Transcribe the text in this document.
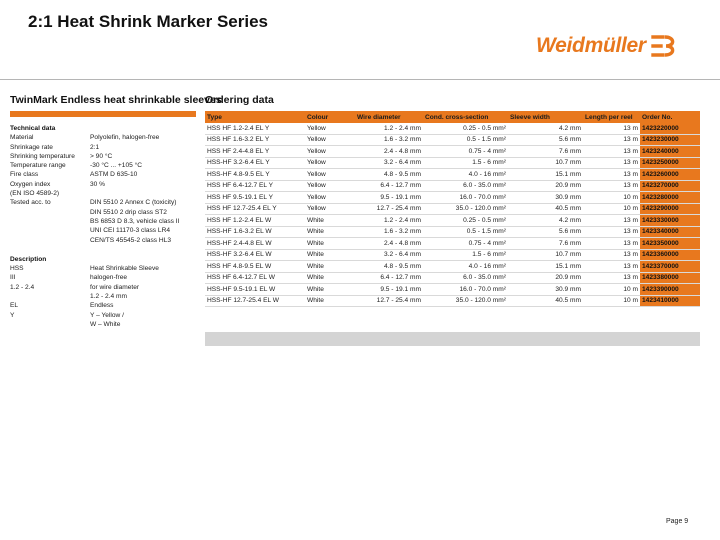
2:1 Heat Shrink Marker Series
Weidmüller
TwinMark Endless heat shrinkable sleeves
Technical data
Material	Polyolefin, halogen-free
Shrinkage rate	2:1
Shrinking temperature	> 90 °C
Temperature range	-30 °C ... +105 °C
Fire class	ASTM D 635-10
Oxygen index	30 %
(EN ISO 4589-2)
Tested acc. to	DIN 5510 2 Annex C (toxicity)
DIN 5510 2 drip class ST2
BS 6853 D 8.3, vehicle class II
UNI CEI 11170-3 class LR4
CEN/TS 45545-2 class HL3
Description
HSS	Heat Shrinkable Sleeve
III	halogen-free
1.2 - 2.4	for wire diameter
1.2 - 2.4 mm
EL	Endless
Y	Y – Yellow /
W – White
Ordering data
Type	Colour	Wire diameter	Cond. cross-section	Sleeve width	Length per reel	Order No.
HSS HF 1.2-2.4 EL Y	Yellow	1.2 - 2.4 mm	0.25 - 0.5 mm²	4.2 mm	13 m	1423220000
HSS HF 1.6-3.2 EL Y	Yellow	1.6 - 3.2 mm	0.5 - 1.5 mm²	5.6 mm	13 m	1423230000
HSS HF 2.4-4.8 EL Y	Yellow	2.4 - 4.8 mm	0.75 - 4 mm²	7.6 mm	13 m	1423240000
HSS-HF 3.2-6.4 EL Y	Yellow	3.2 - 6.4 mm	1.5 - 6 mm²	10.7 mm	13 m	1423250000
HSS-HF 4.8-9.5 EL Y	Yellow	4.8 - 9.5 mm	4.0 - 16 mm²	15.1 mm	13 m	1423260000
HSS HF 6.4-12.7 EL Y	Yellow	6.4 - 12.7 mm	6.0 - 35.0 mm²	20.9 mm	13 m	1423270000
HSS HF 9.5-19.1 EL Y	Yellow	9.5 - 19.1 mm	16.0 - 70.0 mm²	30.9 mm	10 m	1423280000
HSS HF 12.7-25.4 EL Y	Yellow	12.7 - 25.4 mm	35.0 - 120.0 mm²	40.5 mm	10 m	1423290000
HSS HF 1.2-2.4 EL W	White	1.2 - 2.4 mm	0.25 - 0.5 mm²	4.2 mm	13 m	1423330000
HSS-HF 1.6-3.2 EL W	White	1.6 - 3.2 mm	0.5 - 1.5 mm²	5.6 mm	13 m	1423340000
HSS-HF 2.4-4.8 EL W	White	2.4 - 4.8 mm	0.75 - 4 mm²	7.6 mm	13 m	1423350000
HSS-HF 3.2-6.4 EL W	White	3.2 - 6.4 mm	1.5 - 6 mm²	10.7 mm	13 m	1423360000
HSS HF 4.8-9.5 EL W	White	4.8 - 9.5 mm	4.0 - 16 mm²	15.1 mm	13 m	1423370000
HSS HF 6.4-12.7 EL W	White	6.4 - 12.7 mm	6.0 - 35.0 mm²	20.9 mm	13 m	1423380000
HSS-HF 9.5-19.1 EL W	White	9.5 - 19.1 mm	16.0 - 70.0 mm²	30.9 mm	10 m	1423390000
HSS-HF 12.7-25.4 EL W	White	12.7 - 25.4 mm	35.0 - 120.0 mm²	40.5 mm	10 m	1423410000
Page 9
